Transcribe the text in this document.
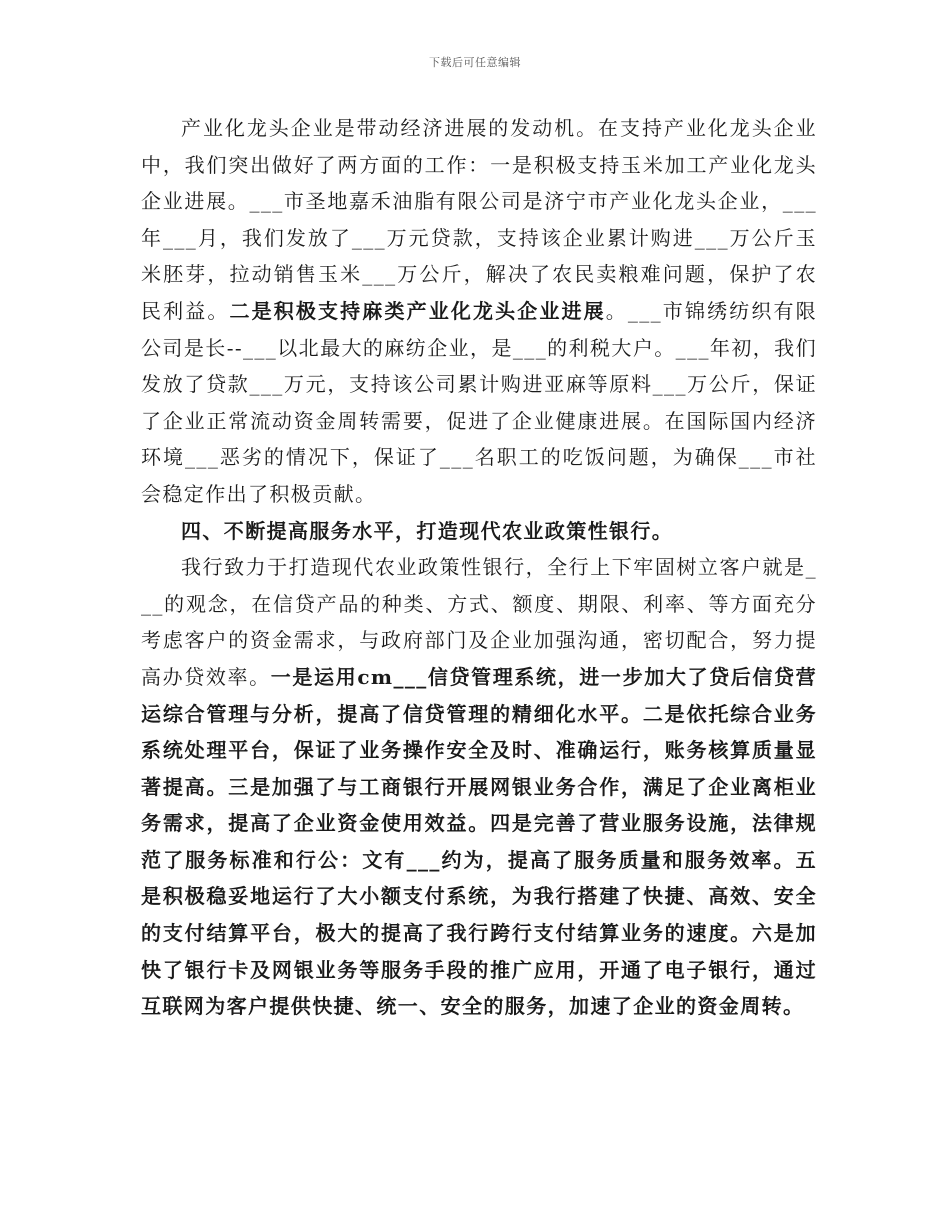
下载后可任意编辑

产业化龙头企业是带动经济进展的发动机。在支持产业化龙头企业中，我们突出做好了两方面的工作：一是积极支持玉米加工产业化龙头企业进展。___市圣地嘉禾油脂有限公司是济宁市产业化龙头企业，___年___月，我们发放了___万元贷款，支持该企业累计购进___万公斤玉米胚芽，拉动销售玉米___万公斤，解决了农民卖粮难问题，保护了农民利益。二是积极支持麻类产业化龙头企业进展。___市锦绣纺织有限公司是长--___以北最大的麻纺企业，是___的利税大户。___年初，我们发放了贷款___万元，支持该公司累计购进亚麻等原料___万公斤，保证了企业正常流动资金周转需要，促进了企业健康进展。在国际国内经济环境___恶劣的情况下，保证了___名职工的吃饭问题，为确保___市社会稳定作出了积极贡献。

四、不断提高服务水平，打造现代农业政策性银行。

我行致力于打造现代农业政策性银行，全行上下牢固树立客户就是___的观念，在信贷产品的种类、方式、额度、期限、利率、等方面充分考虑客户的资金需求，与政府部门及企业加强沟通，密切配合，努力提高办贷效率。一是运用cm___信贷管理系统，进一步加大了贷后信贷营运综合管理与分析，提高了信贷管理的精细化水平。二是依托综合业务系统处理平台，保证了业务操作安全及时、准确运行，账务核算质量显著提高。三是加强了与工商银行开展网银业务合作，满足了企业离柜业务需求，提高了企业资金使用效益。四是完善了营业服务设施，法律规范了服务标准和行公：文有___约为，提高了服务质量和服务效率。五是积极稳妥地运行了大小额支付系统，为我行搭建了快捷、高效、安全的支付结算平台，极大的提高了我行跨行支付结算业务的速度。六是加快了银行卡及网银业务等服务手段的推广应用，开通了电子银行，通过互联网为客户提供快捷、统一、安全的服务，加速了企业的资金周转。
